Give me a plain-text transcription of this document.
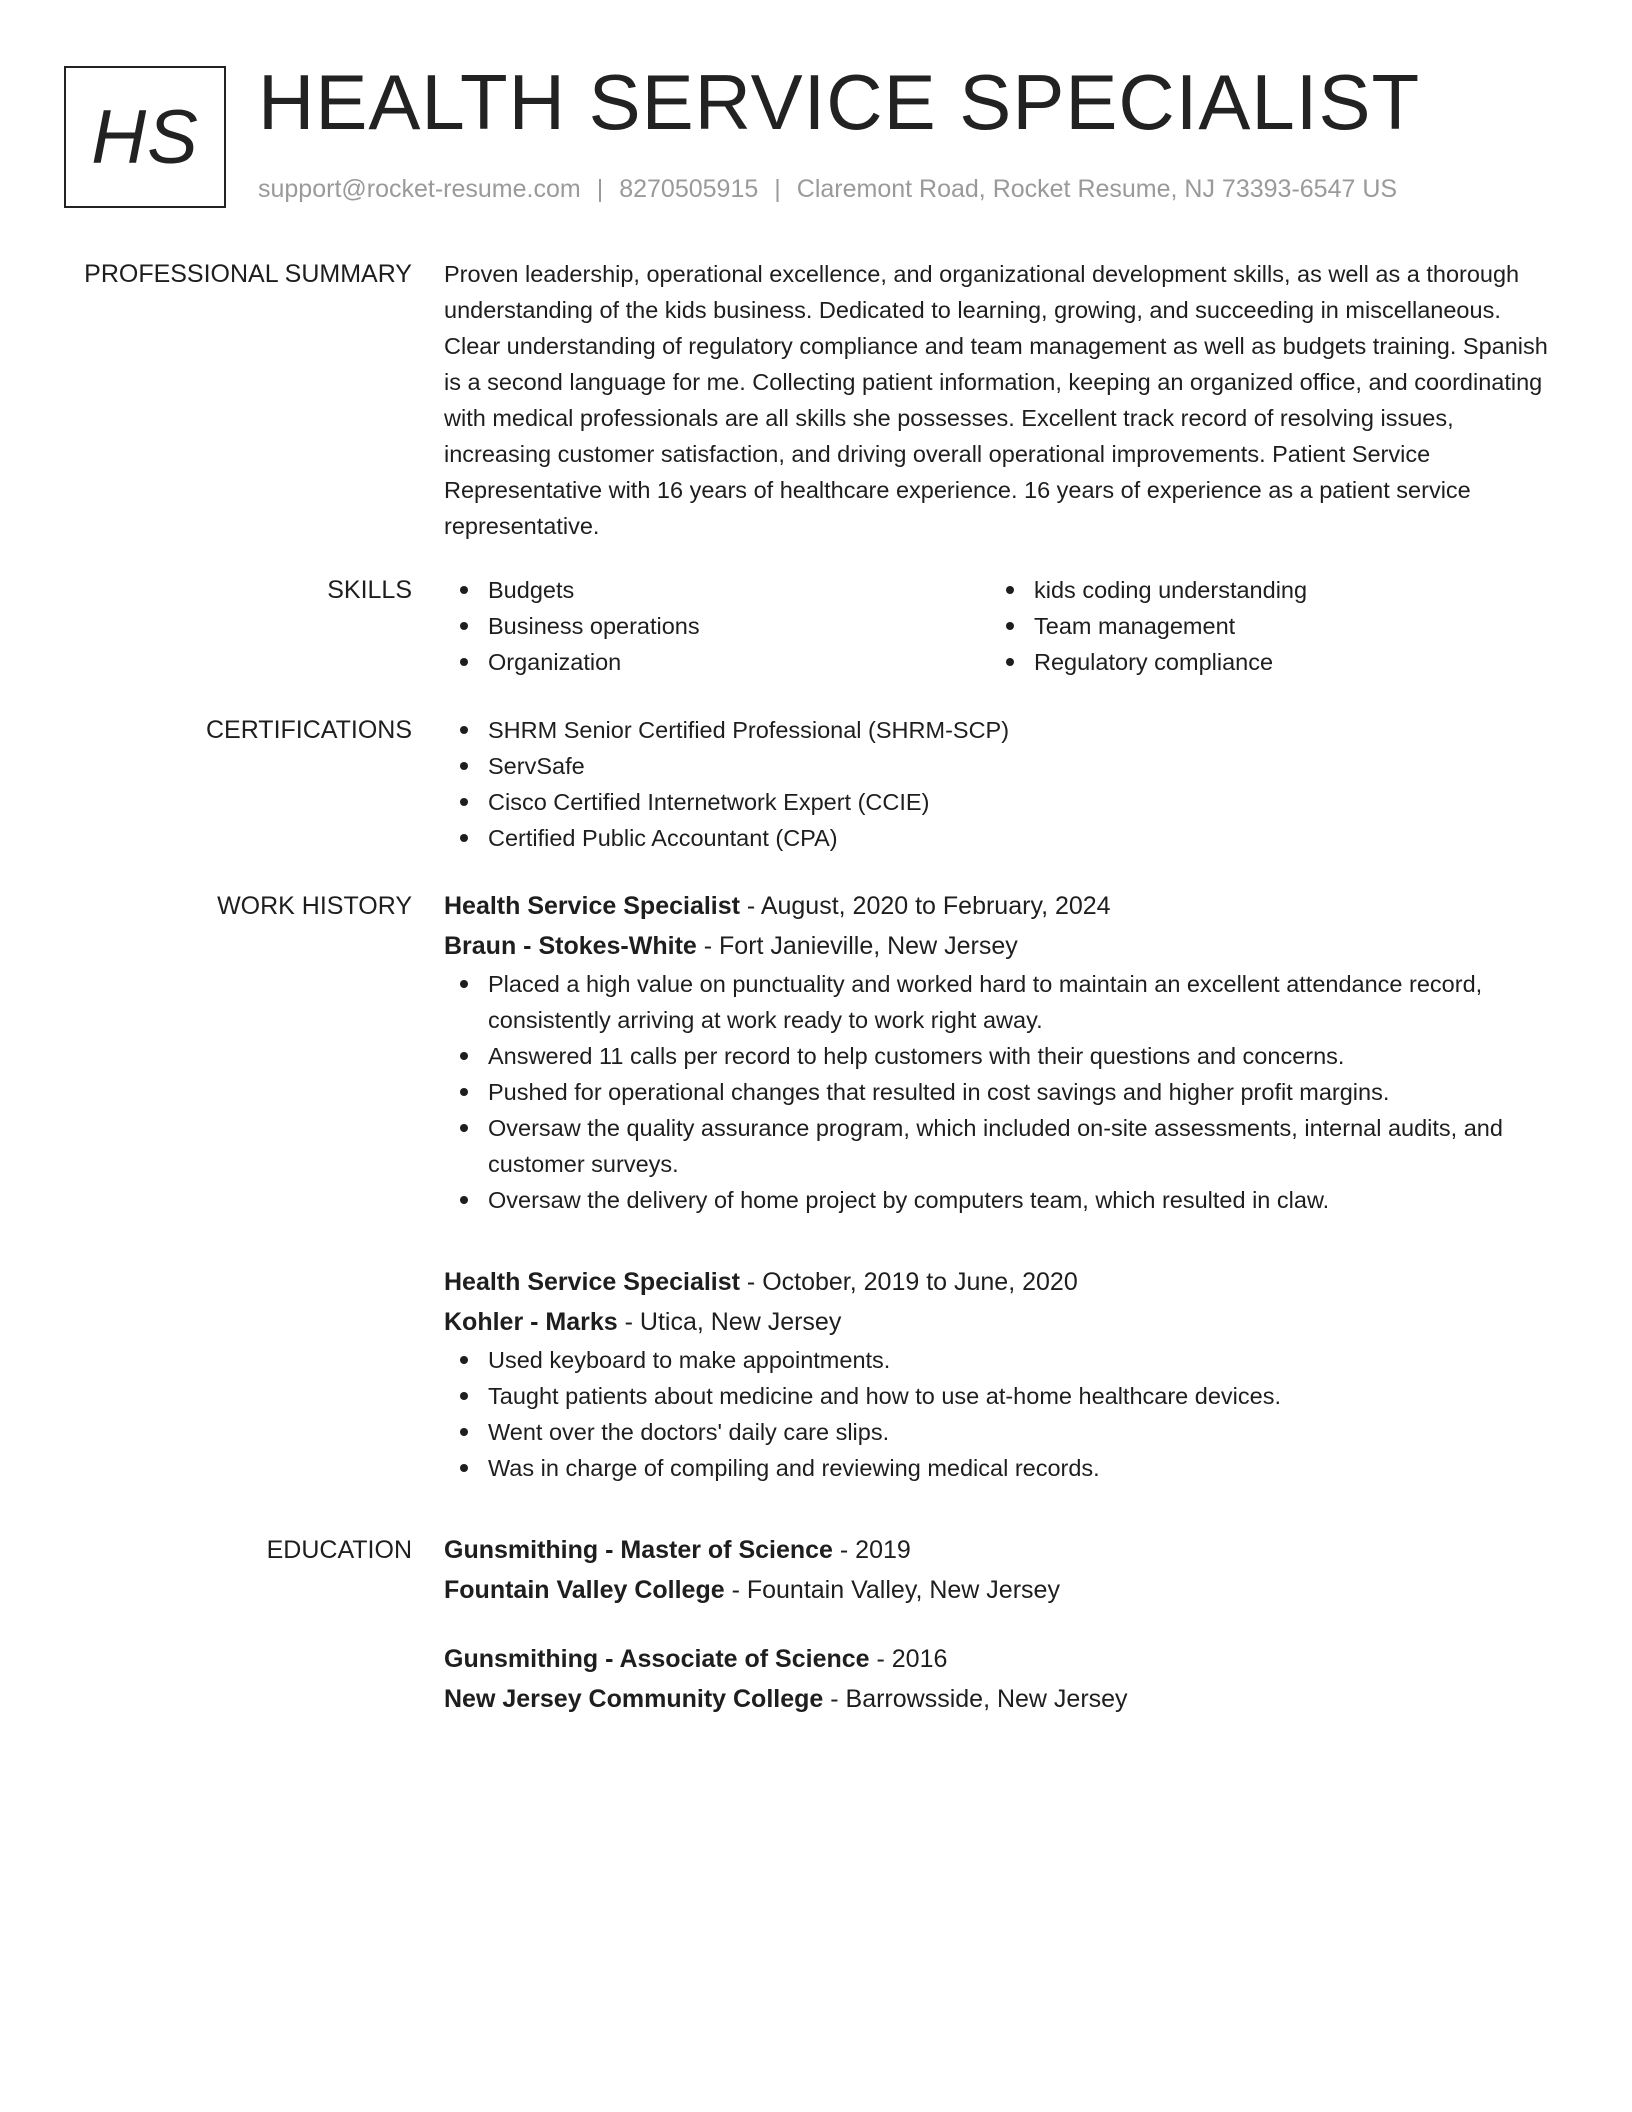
HS HEALTH SERVICE SPECIALIST
support@rocket-resume.com | 8270505915 | Claremont Road, Rocket Resume, NJ 73393-6547 US
PROFESSIONAL SUMMARY Proven leadership, operational excellence, and organizational development skills, as well as a thorough understanding of the kids business. Dedicated to learning, growing, and succeeding in miscellaneous. Clear understanding of regulatory compliance and team management as well as budgets training. Spanish is a second language for me. Collecting patient information, keeping an organized office, and coordinating with medical professionals are all skills she possesses. Excellent track record of resolving issues, increasing customer satisfaction, and driving overall operational improvements. Patient Service Representative with 16 years of healthcare experience. 16 years of experience as a patient service representative.
SKILLS	Budgets
Business operations
Organization
kids coding understanding
Team management
Regulatory compliance
CERTIFICATIONS	SHRM Senior Certified Professional (SHRM-SCP)
ServSafe
Cisco Certified Internetwork Expert (CCIE)
Certified Public Accountant (CPA)
WORK HISTORY Health Service Specialist - August, 2020 to February, 2024
Braun - Stokes-White - Fort Janieville, New Jersey
Placed a high value on punctuality and worked hard to maintain an excellent attendance record, consistently arriving at work ready to work right away.
Answered 11 calls per record to help customers with their questions and concerns.
Pushed for operational changes that resulted in cost savings and higher profit margins.
Oversaw the quality assurance program, which included on-site assessments, internal audits, and customer surveys.
Oversaw the delivery of home project by computers team, which resulted in claw.
Health Service Specialist - October, 2019 to June, 2020
Kohler - Marks - Utica, New Jersey
Used keyboard to make appointments.
Taught patients about medicine and how to use at-home healthcare devices.
Went over the doctors' daily care slips.
Was in charge of compiling and reviewing medical records.
EDUCATION Gunsmithing - Master of Science - 2019
Fountain Valley College - Fountain Valley, New Jersey
Gunsmithing - Associate of Science - 2016
New Jersey Community College - Barrowsside, New Jersey
